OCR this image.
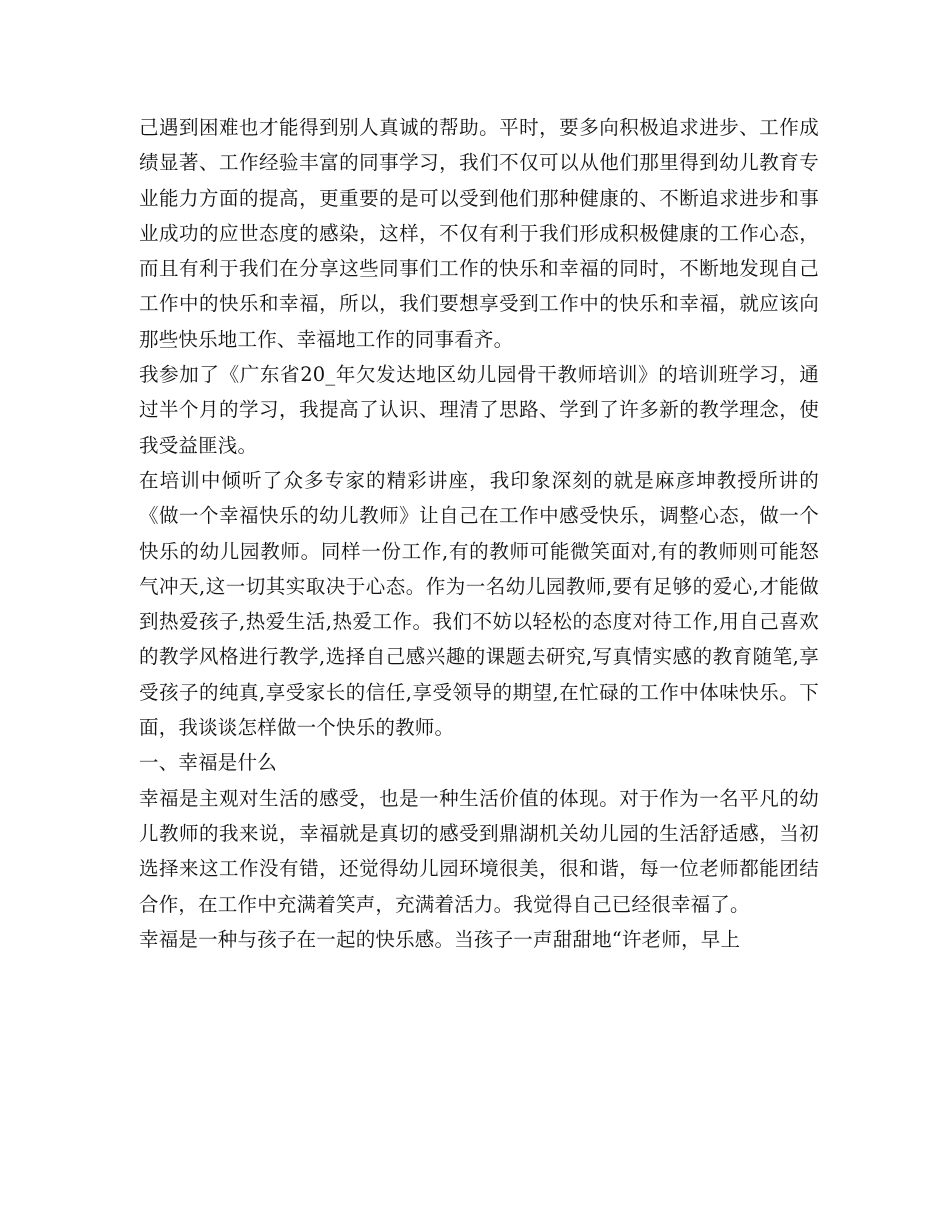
己遇到困难也才能得到别人真诚的帮助。平时，要多向积极追求进步、工作成绩显著、工作经验丰富的同事学习，我们不仅可以从他们那里得到幼儿教育专业能力方面的提高，更重要的是可以受到他们那种健康的、不断追求进步和事业成功的应世态度的感染，这样，不仅有利于我们形成积极健康的工作心态，而且有利于我们在分享这些同事们工作的快乐和幸福的同时，不断地发现自己工作中的快乐和幸福，所以，我们要想享受到工作中的快乐和幸福，就应该向那些快乐地工作、幸福地工作的同事看齐。

我参加了《广东省20_年欠发达地区幼儿园骨干教师培训》的培训班学习，通过半个月的学习，我提高了认识、理清了思路、学到了许多新的教学理念，使我受益匪浅。

在培训中倾听了众多专家的精彩讲座，我印象深刻的就是麻彦坤教授所讲的《做一个幸福快乐的幼儿教师》让自己在工作中感受快乐，调整心态，做一个快乐的幼儿园教师。同样一份工作,有的教师可能微笑面对,有的教师则可能怒气冲天,这一切其实取决于心态。作为一名幼儿园教师,要有足够的爱心,才能做到热爱孩子,热爱生活,热爱工作。我们不妨以轻松的态度对待工作,用自己喜欢的教学风格进行教学,选择自己感兴趣的课题去研究,写真情实感的教育随笔,享受孩子的纯真,享受家长的信任,享受领导的期望,在忙碌的工作中体味快乐。下面，我谈谈怎样做一个快乐的教师。

一、幸福是什么

幸福是主观对生活的感受，也是一种生活价值的体现。对于作为一名平凡的幼儿教师的我来说，幸福就是真切的感受到鼎湖机关幼儿园的生活舒适感，当初选择来这工作没有错，还觉得幼儿园环境很美，很和谐，每一位老师都能团结合作，在工作中充满着笑声，充满着活力。我觉得自己已经很幸福了。

幸福是一种与孩子在一起的快乐感。当孩子一声甜甜地“许老师，早上
